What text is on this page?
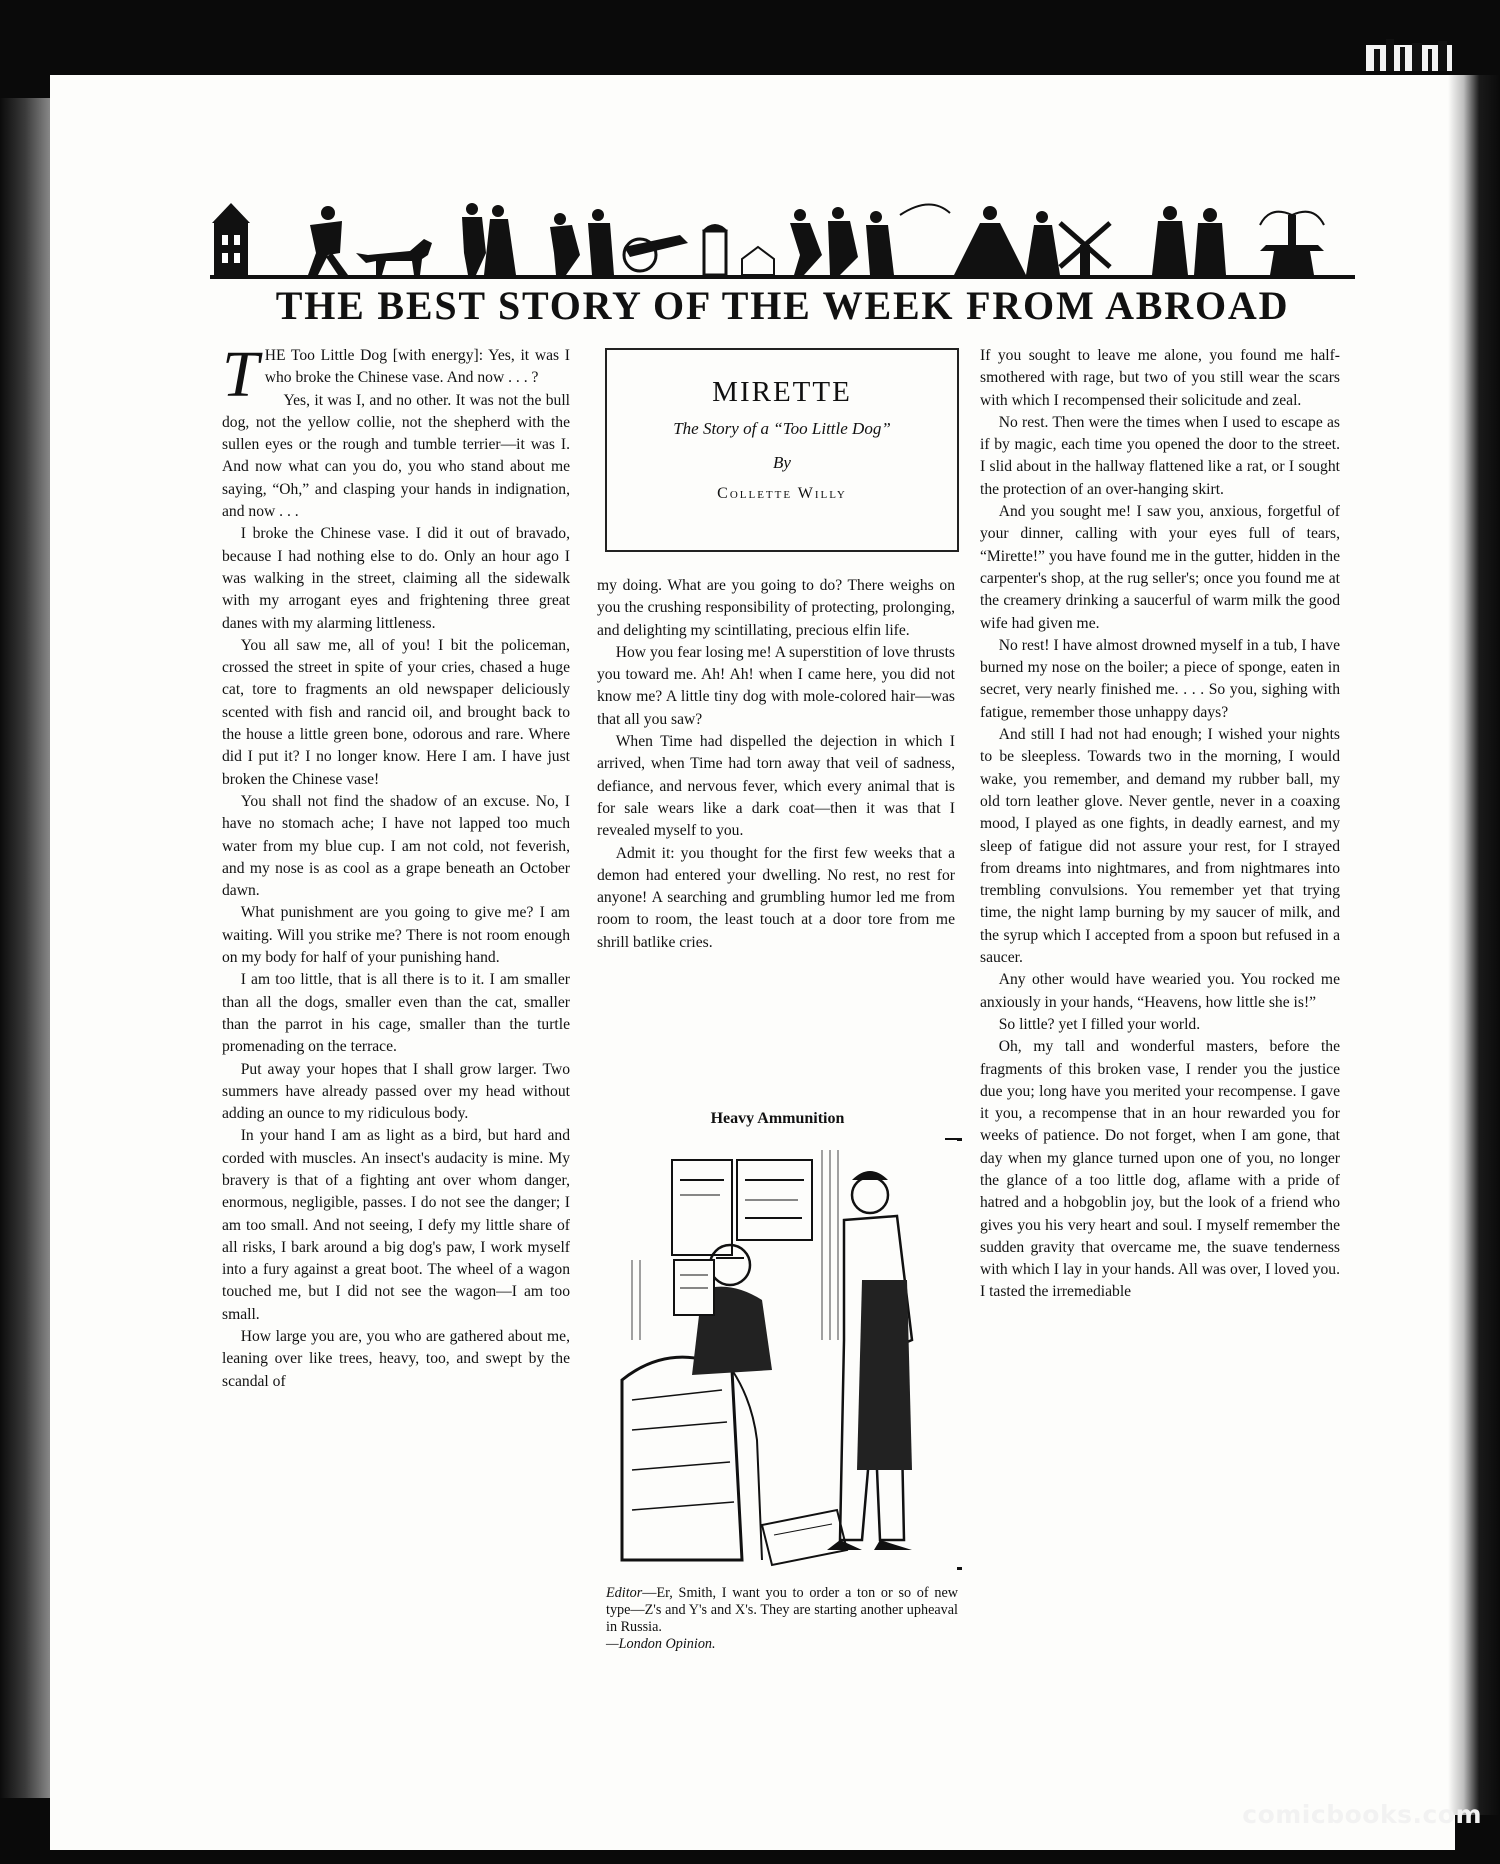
THE BEST STORY OF THE WEEK FROM ABROAD

THE Too Little Dog [with energy]: Yes, it was I who broke the Chinese vase. And now . . . ?

Yes, it was I, and no other. It was not the bull dog, not the yellow collie, not the shepherd with the sullen eyes or the rough and tumble terrier—it was I. And now what can you do, you who stand about me saying, “Oh,” and clasping your hands in indignation, and now . . .

I broke the Chinese vase. I did it out of bravado, because I had nothing else to do. Only an hour ago I was walking in the street, claiming all the sidewalk with my arrogant eyes and frightening three great danes with my alarming littleness.

You all saw me, all of you! I bit the policeman, crossed the street in spite of your cries, chased a huge cat, tore to fragments an old newspaper deliciously scented with fish and rancid oil, and brought back to the house a little green bone, odorous and rare. Where did I put it? I no longer know. Here I am. I have just broken the Chinese vase!

You shall not find the shadow of an excuse. No, I have no stomach ache; I have not lapped too much water from my blue cup. I am not cold, not feverish, and my nose is as cool as a grape beneath an October dawn.

What punishment are you going to give me? I am waiting. Will you strike me? There is not room enough on my body for half of your punishing hand.

I am too little, that is all there is to it. I am smaller than all the dogs, smaller even than the cat, smaller than the parrot in his cage, smaller than the turtle promenading on the terrace.

Put away your hopes that I shall grow larger. Two summers have already passed over my head without adding an ounce to my ridiculous body.

In your hand I am as light as a bird, but hard and corded with muscles. An insect's audacity is mine. My bravery is that of a fighting ant over whom danger, enormous, negligible, passes. I do not see the danger; I am too small. And not seeing, I defy my little share of all risks, I bark around a big dog's paw, I work myself into a fury against a great boot. The wheel of a wagon touched me, but I did not see the wagon—I am too small.

How large you are, you who are gathered about me, leaning over like trees, heavy, too, and swept by the scandal of

MIRETTE
The Story of a “Too Little Dog”
By
Collette Willy

my doing. What are you going to do? There weighs on you the crushing responsibility of protecting, prolonging, and delighting my scintillating, precious elfin life.

How you fear losing me! A superstition of love thrusts you toward me. Ah! Ah! when I came here, you did not know me? A little tiny dog with mole-colored hair—was that all you saw?

When Time had dispelled the dejection in which I arrived, when Time had torn away that veil of sadness, defiance, and nervous fever, which every animal that is for sale wears like a dark coat—then it was that I revealed myself to you.

Admit it: you thought for the first few weeks that a demon had entered your dwelling. No rest, no rest for anyone! A searching and grumbling humor led me from room to room, the least touch at a door tore from me shrill batlike cries.

Heavy Ammunition
Editor—Er, Smith, I want you to order a ton or so of new type—Z's and Y's and X's. They are starting another upheaval in Russia.
—London Opinion.

If you sought to leave me alone, you found me half-smothered with rage, but two of you still wear the scars with which I recompensed their solicitude and zeal.

No rest. Then were the times when I used to escape as if by magic, each time you opened the door to the street. I slid about in the hallway flattened like a rat, or I sought the protection of an over-hanging skirt.

And you sought me! I saw you, anxious, forgetful of your dinner, calling with your eyes full of tears, “Mirette!” you have found me in the gutter, hidden in the carpenter's shop, at the rug seller's; once you found me at the creamery drinking a saucerful of warm milk the good wife had given me.

No rest! I have almost drowned myself in a tub, I have burned my nose on the boiler; a piece of sponge, eaten in secret, very nearly finished me. . . . So you, sighing with fatigue, remember those unhappy days?

And still I had not had enough; I wished your nights to be sleepless. Towards two in the morning, I would wake, you remember, and demand my rubber ball, my old torn leather glove. Never gentle, never in a coaxing mood, I played as one fights, in deadly earnest, and my sleep of fatigue did not assure your rest, for I strayed from dreams into nightmares, and from nightmares into trembling convulsions. You remember yet that trying time, the night lamp burning by my saucer of milk, and the syrup which I accepted from a spoon but refused in a saucer.

Any other would have wearied you. You rocked me anxiously in your hands, “Heavens, how little she is!”

So little? yet I filled your world.

Oh, my tall and wonderful masters, before the fragments of this broken vase, I render you the justice due you; long have you merited your recompense. I gave it you, a recompense that in an hour rewarded you for weeks of patience. Do not forget, when I am gone, that day when my glance turned upon one of you, no longer the glance of a too little dog, aflame with a pride of hatred and a hobgoblin joy, but the look of a friend who gives you his very heart and soul. I myself remember the sudden gravity that overcame me, the suave tenderness with which I lay in your hands. All was over, I loved you. I tasted the irremediable

comicbooks.com
